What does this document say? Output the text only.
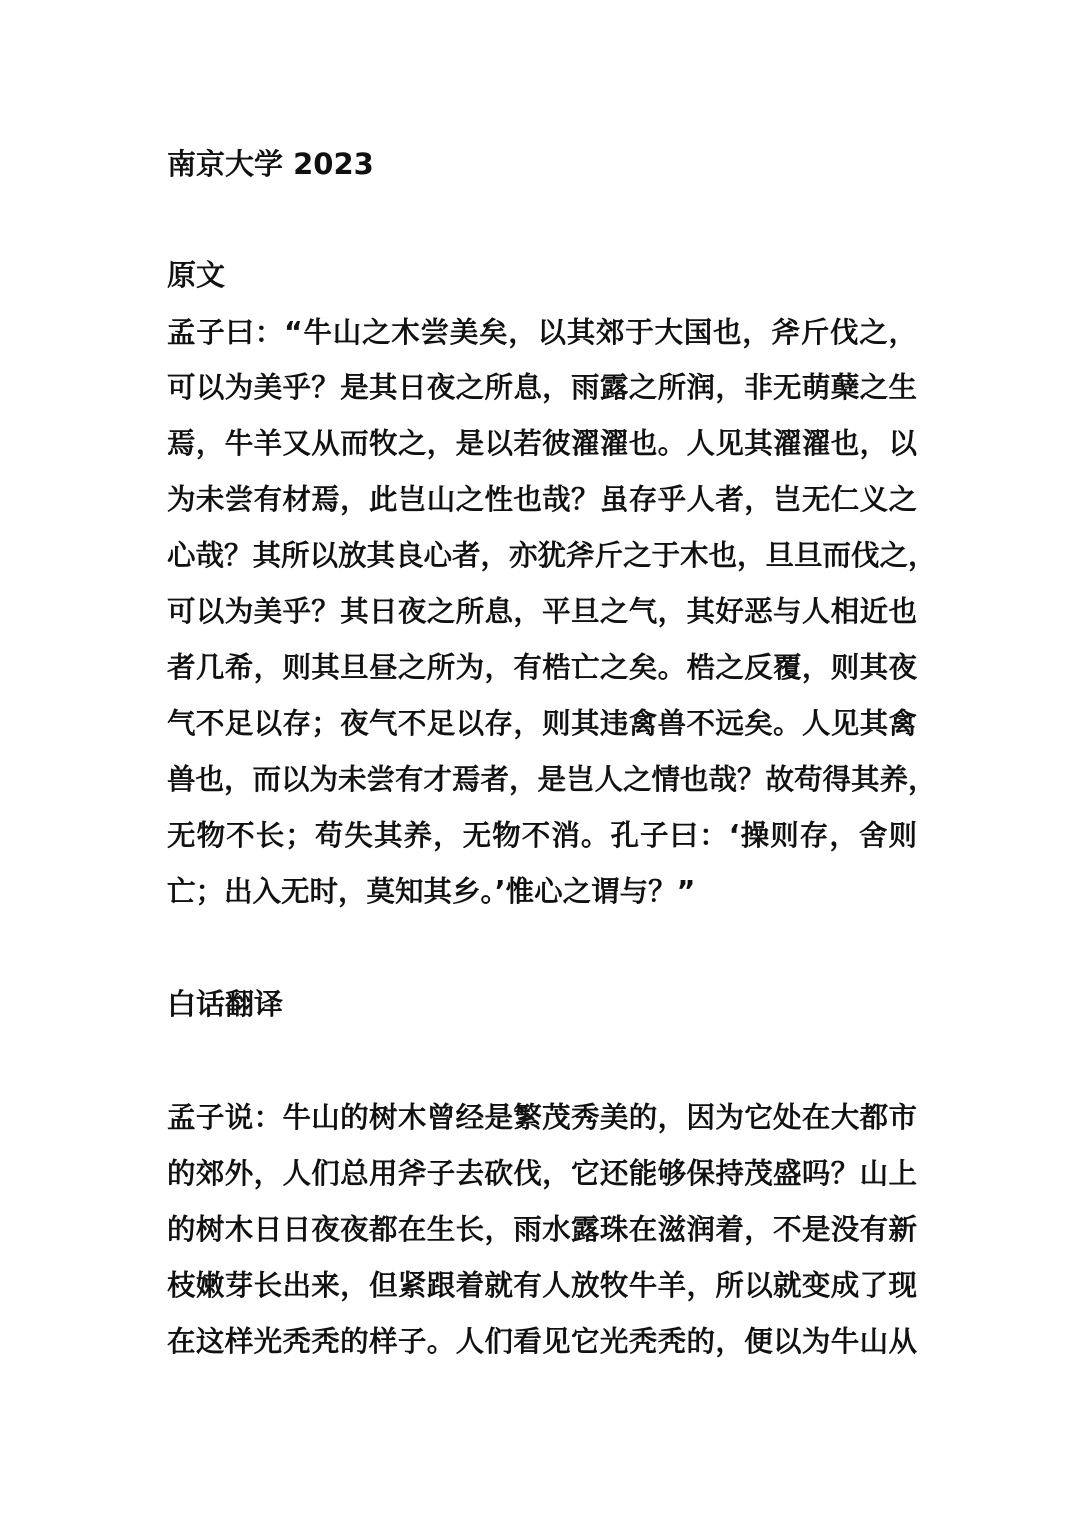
南京大学 2023
原文
孟子曰：“牛山之木尝美矣，以其郊于大国也，斧斤伐之，
可以为美乎？是其日夜之所息，雨露之所润，非无萌蘖之生
焉，牛羊又从而牧之，是以若彼濯濯也。人见其濯濯也，以
为未尝有材焉，此岂山之性也哉？虽存乎人者，岂无仁义之
心哉？其所以放其良心者，亦犹斧斤之于木也，旦旦而伐之，
可以为美乎？其日夜之所息，平旦之气，其好恶与人相近也
者几希，则其旦昼之所为，有梏亡之矣。梏之反覆，则其夜
气不足以存；夜气不足以存，则其违禽兽不远矣。人见其禽
兽也，而以为未尝有才焉者，是岂人之情也哉？故苟得其养，
无物不长；苟失其养，无物不消。孔子曰：‘操则存，舍则
亡；出入无时，莫知其乡。’惟心之谓与？”
白话翻译
孟子说：牛山的树木曾经是繁茂秀美的，因为它处在大都市
的郊外，人们总用斧子去砍伐，它还能够保持茂盛吗？山上
的树木日日夜夜都在生长，雨水露珠在滋润着，不是没有新
枝嫩芽长出来，但紧跟着就有人放牧牛羊，所以就变成了现
在这样光秃秃的样子。人们看见它光秃秃的，便以为牛山从
